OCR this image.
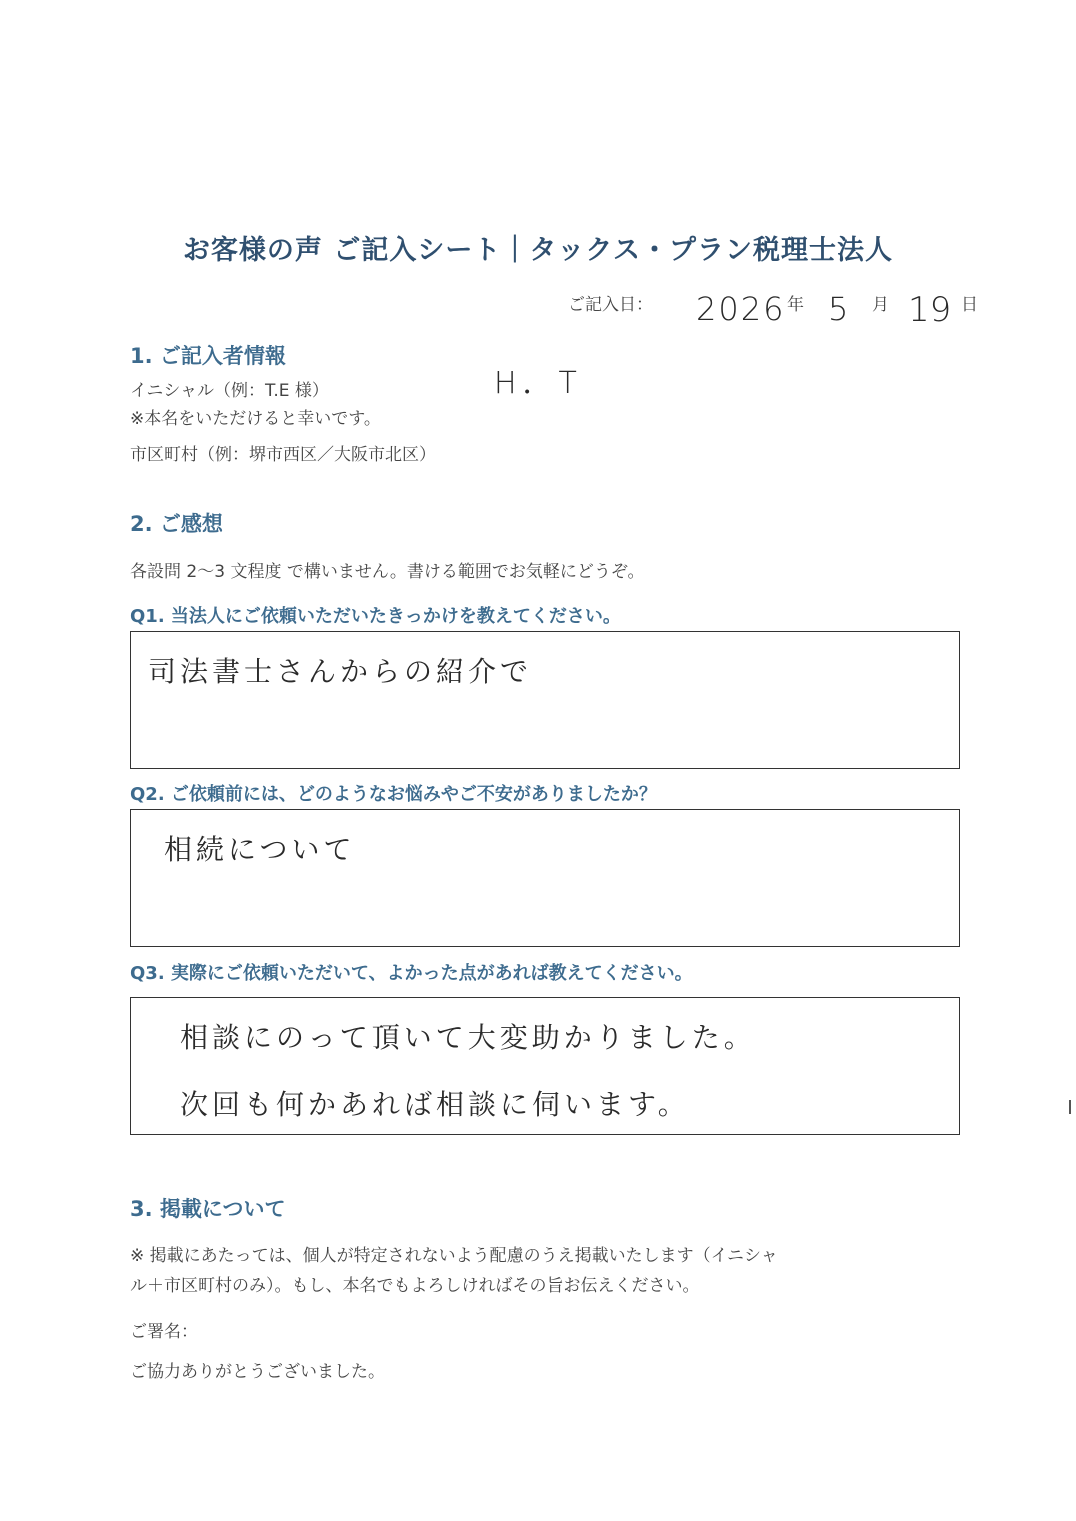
お客様の声 ご記入シート｜タックス・プラン税理士法人
ご記入日： 2026 年 5 月 19 日
1. ご記入者情報
イニシャル（例：T.E 様）	H．T
※本名をいただけると幸いです。
市区町村（例：堺市西区／大阪市北区）
2. ご感想
各設問 2〜3 文程度 で構いません。書ける範囲でお気軽にどうぞ。
Q1. 当法人にご依頼いただいたきっかけを教えてください。
司法書士さんからの紹介で
Q2. ご依頼前には、どのようなお悩みやご不安がありましたか？
相続について
Q3. 実際にご依頼いただいて、よかった点があれば教えてください。
相談にのって頂いて大変助かりました。
次回も何かあれば相談に伺います。
3. 掲載について
※ 掲載にあたっては、個人が特定されないよう配慮のうえ掲載いたします（イニシャ
ル＋市区町村のみ）。もし、本名でもよろしければその旨お伝えください。
ご署名：
ご協力ありがとうございました。
